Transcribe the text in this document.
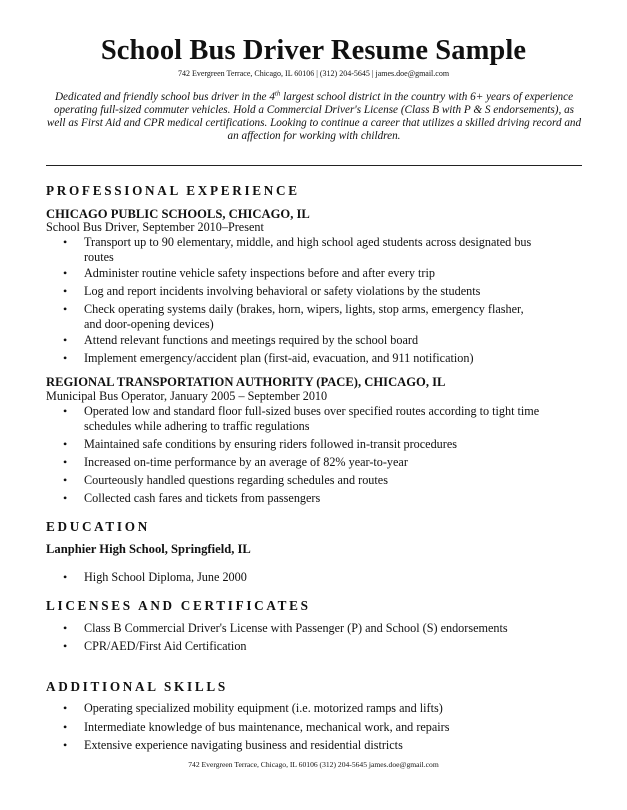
School Bus Driver Resume Sample
742 Evergreen Terrace, Chicago, IL 60106 | (312) 204-5645 | james.doe@gmail.com
Dedicated and friendly school bus driver in the 4th largest school district in the country with 6+ years of experience operating full-sized commuter vehicles. Hold a Commercial Driver's License (Class B with P & S endorsements), as well as First Aid and CPR medical certifications. Looking to continue a career that utilizes a skilled driving record and an affection for working with children.
PROFESSIONAL EXPERIENCE
CHICAGO PUBLIC SCHOOLS, CHICAGO, IL
School Bus Driver, September 2010–Present
• Transport up to 90 elementary, middle, and high school aged students across designated bus routes
• Administer routine vehicle safety inspections before and after every trip
• Log and report incidents involving behavioral or safety violations by the students
• Check operating systems daily (brakes, horn, wipers, lights, stop arms, emergency flasher, and door-opening devices)
• Attend relevant functions and meetings required by the school board
• Implement emergency/accident plan (first-aid, evacuation, and 911 notification)
REGIONAL TRANSPORTATION AUTHORITY (PACE), CHICAGO, IL
Municipal Bus Operator, January 2005 – September 2010
• Operated low and standard floor full-sized buses over specified routes according to tight time schedules while adhering to traffic regulations
• Maintained safe conditions by ensuring riders followed in-transit procedures
• Increased on-time performance by an average of 82% year-to-year
• Courteously handled questions regarding schedules and routes
• Collected cash fares and tickets from passengers
EDUCATION
Lanphier High School, Springfield, IL
• High School Diploma, June 2000
LICENSES AND CERTIFICATES
• Class B Commercial Driver's License with Passenger (P) and School (S) endorsements
• CPR/AED/First Aid Certification
ADDITIONAL SKILLS
• Operating specialized mobility equipment (i.e. motorized ramps and lifts)
• Intermediate knowledge of bus maintenance, mechanical work, and repairs
• Extensive experience navigating business and residential districts
742 Evergreen Terrace, Chicago, IL 60106 (312) 204-5645 james.doe@gmail.com
